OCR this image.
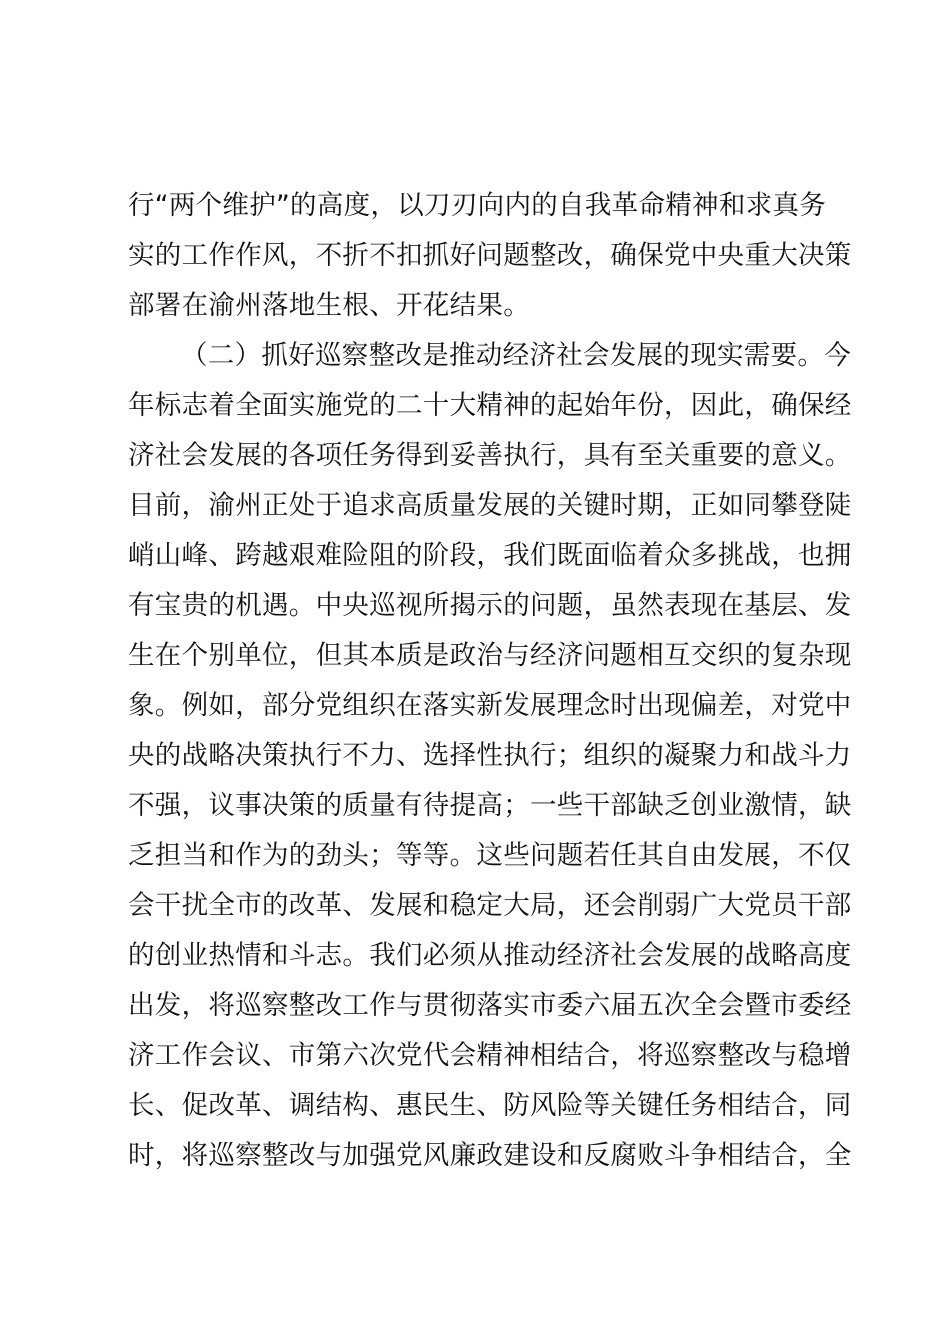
行“两个维护”的高度，以刀刃向内的自我革命精神和求真务
实的工作作风，不折不扣抓好问题整改，确保党中央重大决策
部署在渝州落地生根、开花结果。
（二）抓好巡察整改是推动经济社会发展的现实需要。今
年标志着全面实施党的二十大精神的起始年份，因此，确保经
济社会发展的各项任务得到妥善执行，具有至关重要的意义。
目前，渝州正处于追求高质量发展的关键时期，正如同攀登陡
峭山峰、跨越艰难险阻的阶段，我们既面临着众多挑战，也拥
有宝贵的机遇。中央巡视所揭示的问题，虽然表现在基层、发
生在个别单位，但其本质是政治与经济问题相互交织的复杂现
象。例如，部分党组织在落实新发展理念时出现偏差，对党中
央的战略决策执行不力、选择性执行；组织的凝聚力和战斗力
不强，议事决策的质量有待提高；一些干部缺乏创业激情，缺
乏担当和作为的劲头；等等。这些问题若任其自由发展，不仅
会干扰全市的改革、发展和稳定大局，还会削弱广大党员干部
的创业热情和斗志。我们必须从推动经济社会发展的战略高度
出发，将巡察整改工作与贯彻落实市委六届五次全会暨市委经
济工作会议、市第六次党代会精神相结合，将巡察整改与稳增
长、促改革、调结构、惠民生、防风险等关键任务相结合，同
时，将巡察整改与加强党风廉政建设和反腐败斗争相结合，全
